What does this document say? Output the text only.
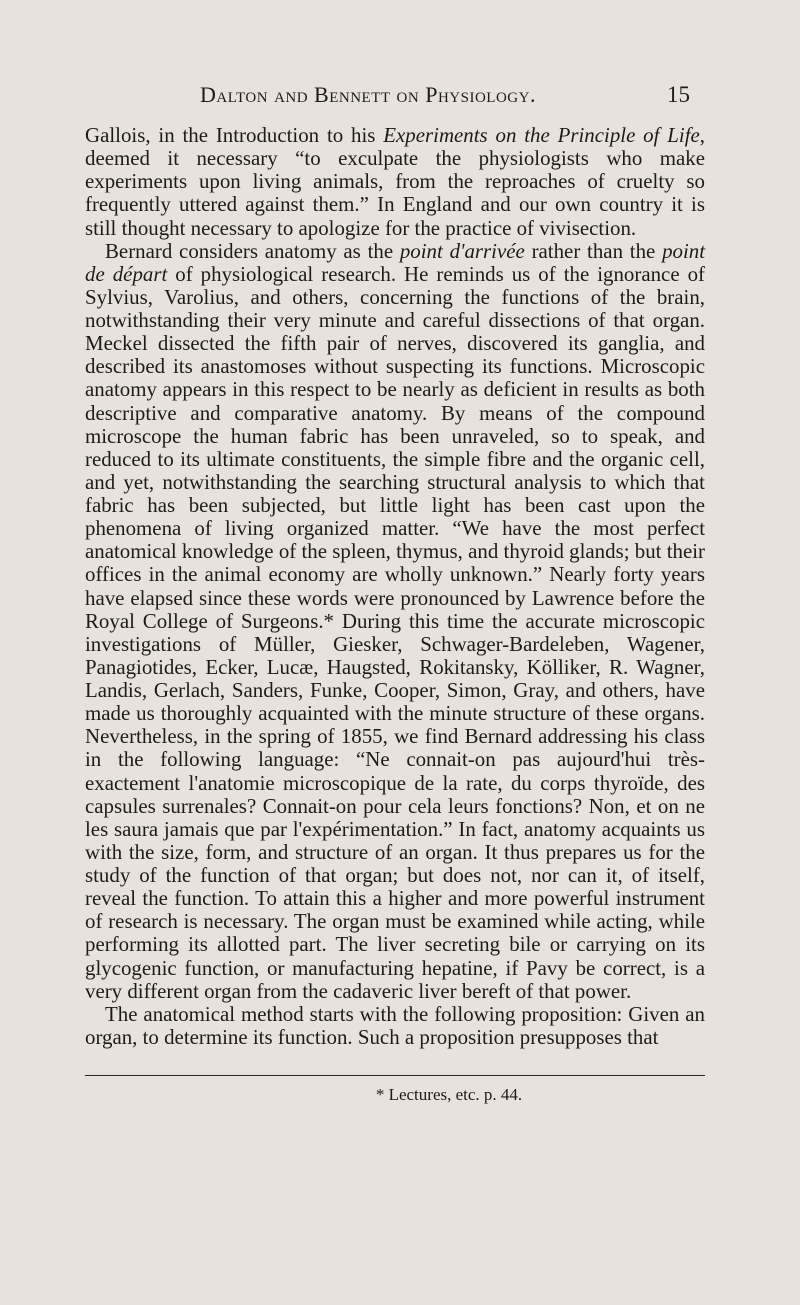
Dalton and Bennett on Physiology.	15

Gallois, in the Introduction to his Experiments on the Principle of Life, deemed it necessary “to exculpate the physiologists who make experiments upon living animals, from the reproaches of cruelty so frequently uttered against them.” In England and our own country it is still thought necessary to apologize for the practice of vivisection.

Bernard considers anatomy as the point d'arrivée rather than the point de départ of physiological research. He reminds us of the ignorance of Sylvius, Varolius, and others, concerning the functions of the brain, notwithstanding their very minute and careful dissections of that organ. Meckel dissected the fifth pair of nerves, discovered its ganglia, and described its anastomoses without suspecting its functions. Microscopic anatomy appears in this respect to be nearly as deficient in results as both descriptive and comparative anatomy. By means of the compound microscope the human fabric has been unraveled, so to speak, and reduced to its ultimate constituents, the simple fibre and the organic cell, and yet, notwithstanding the searching structural analysis to which that fabric has been subjected, but little light has been cast upon the phenomena of living organized matter. “We have the most perfect anatomical knowledge of the spleen, thymus, and thyroid glands; but their offices in the animal economy are wholly unknown.” Nearly forty years have elapsed since these words were pronounced by Lawrence before the Royal College of Surgeons.* During this time the accurate microscopic investigations of Müller, Giesker, Schwager-Bardeleben, Wagener, Panagiotides, Ecker, Lucæ, Haugsted, Rokitansky, Kölliker, R. Wagner, Landis, Gerlach, Sanders, Funke, Cooper, Simon, Gray, and others, have made us thoroughly acquainted with the minute structure of these organs. Nevertheless, in the spring of 1855, we find Bernard addressing his class in the following language: “Ne connait-on pas aujourd'hui très-exactement l'anatomie microscopique de la rate, du corps thyroïde, des capsules surrenales? Connait-on pour cela leurs fonctions? Non, et on ne les saura jamais que par l'expérimentation.” In fact, anatomy acquaints us with the size, form, and structure of an organ. It thus prepares us for the study of the function of that organ; but does not, nor can it, of itself, reveal the function. To attain this a higher and more powerful instrument of research is necessary. The organ must be examined while acting, while performing its allotted part. The liver secreting bile or carrying on its glycogenic function, or manufacturing hepatine, if Pavy be correct, is a very different organ from the cadaveric liver bereft of that power.

The anatomical method starts with the following proposition: Given an organ, to determine its function. Such a proposition presupposes that

* Lectures, etc. p. 44.
